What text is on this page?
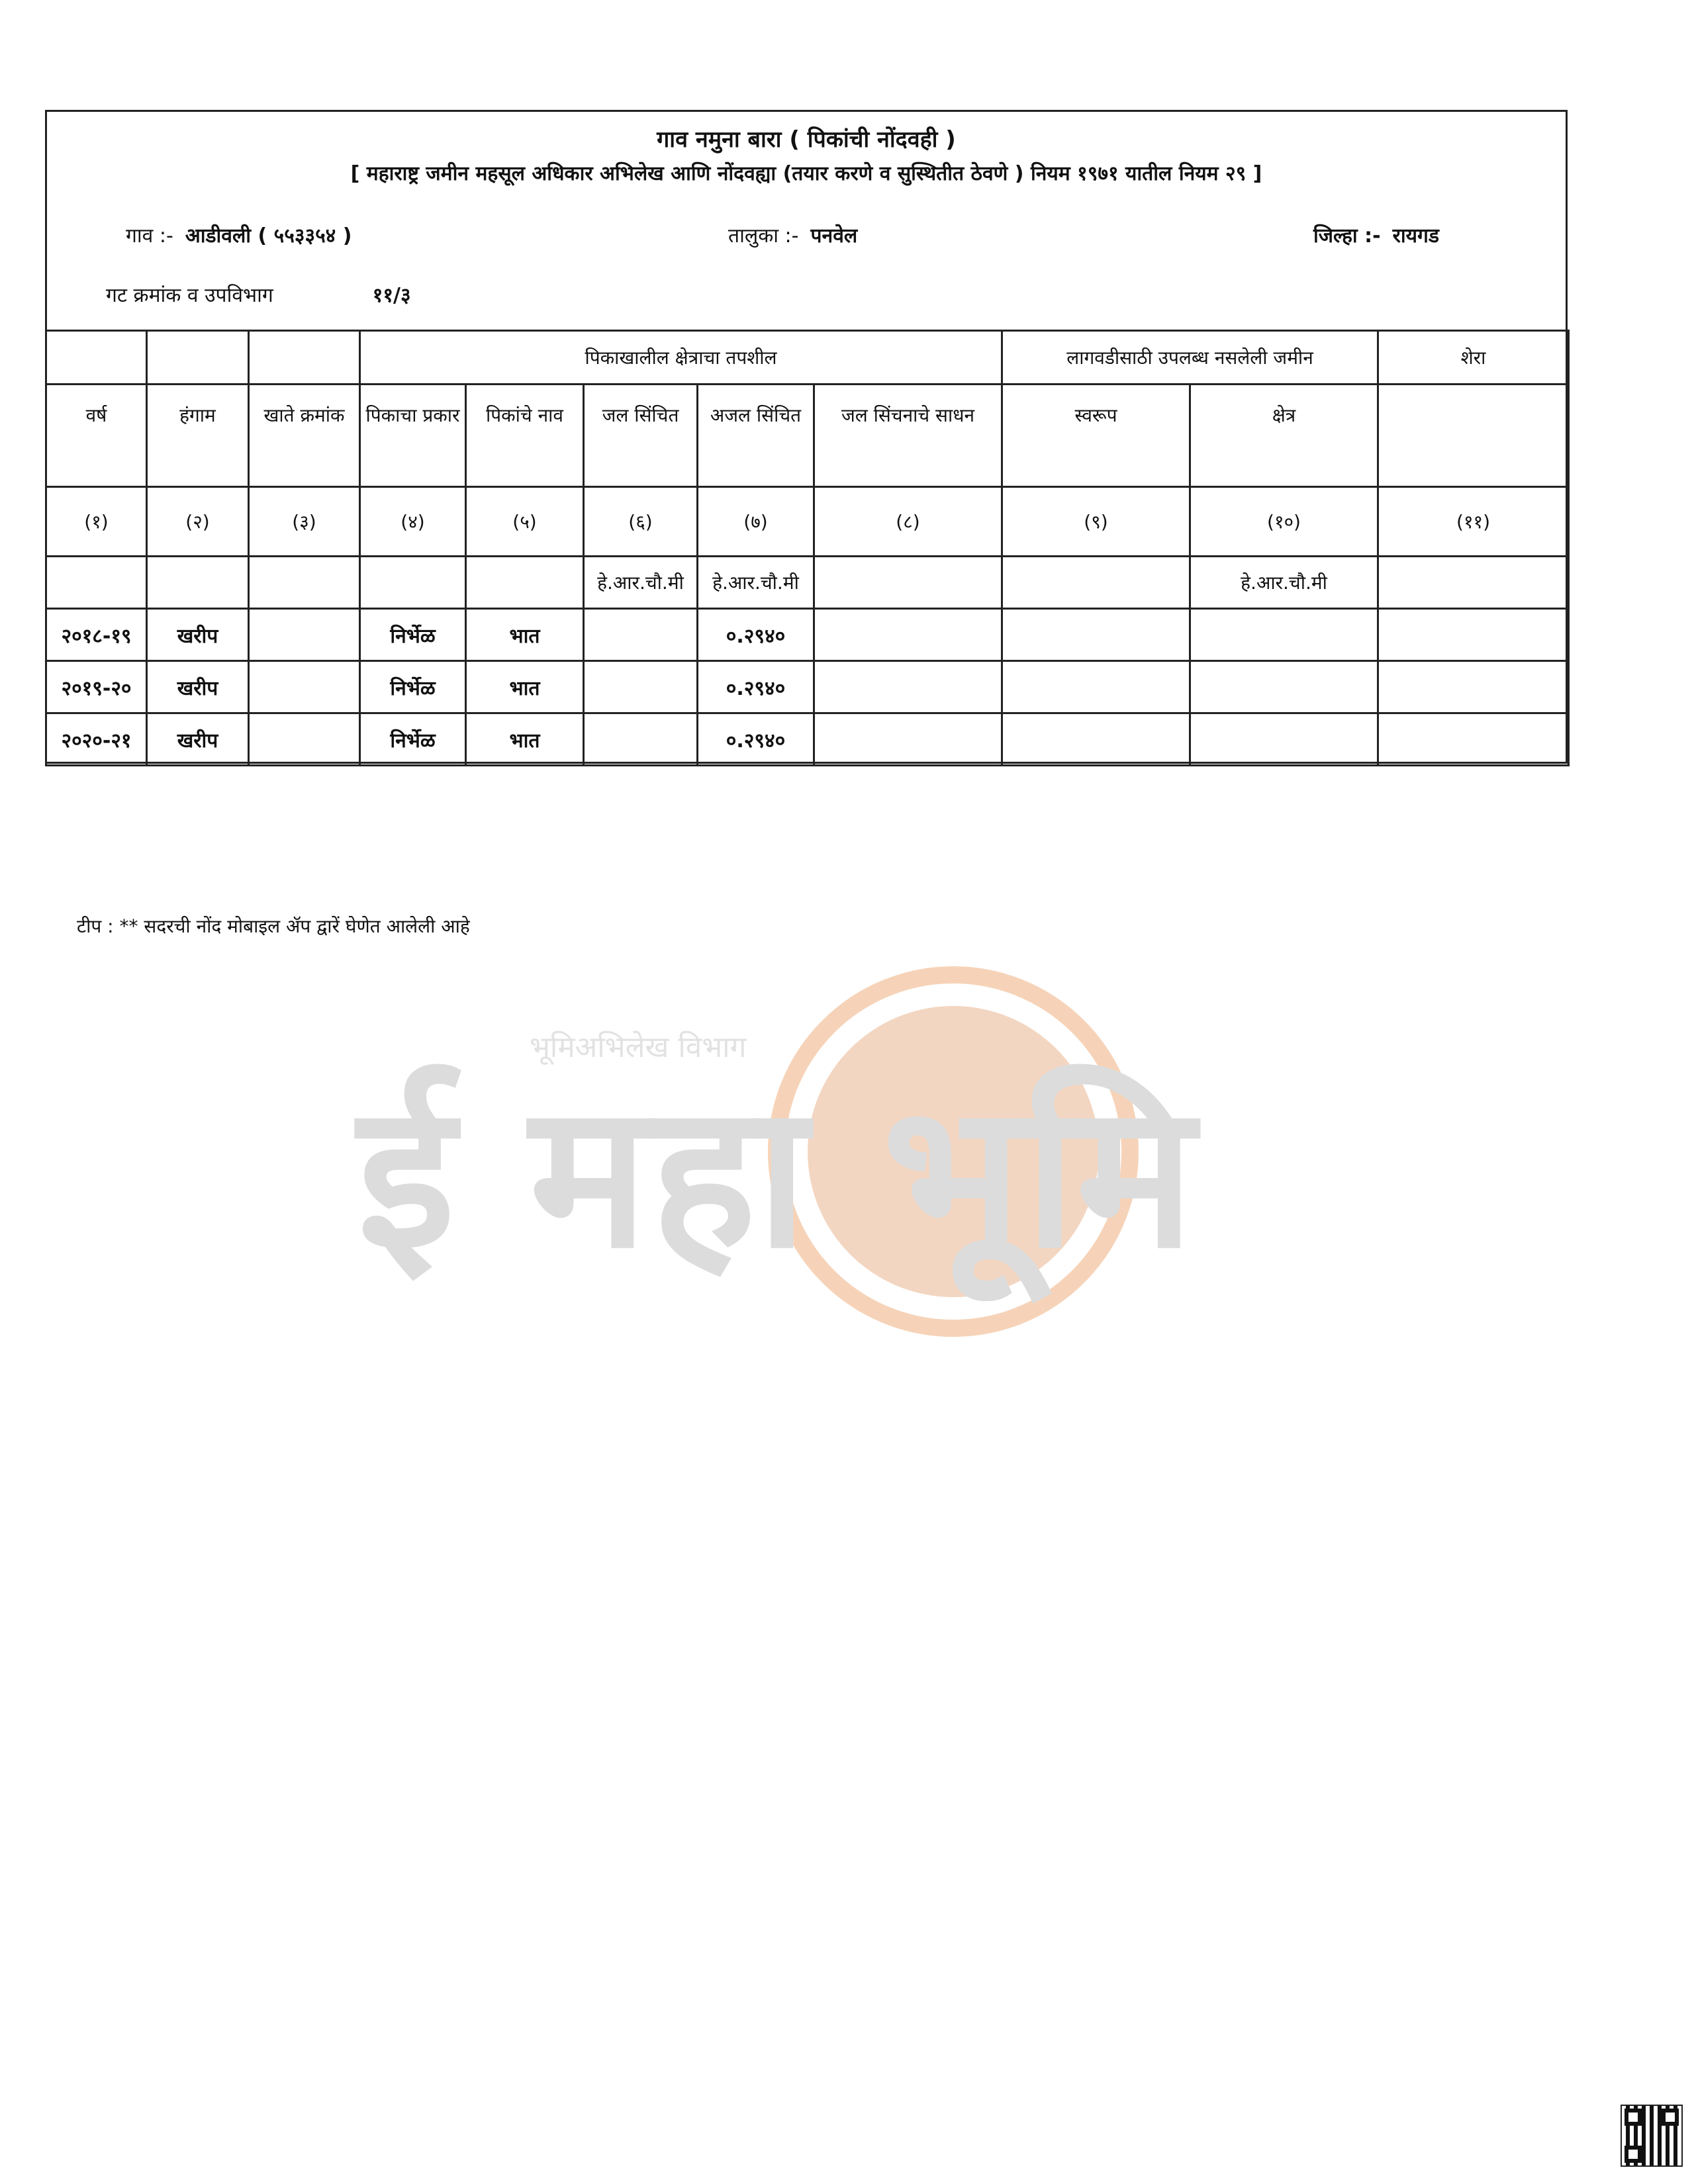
गाव नमुना बारा ( पिकांची नोंदवही )
[ महाराष्ट्र जमीन महसूल अधिकार अभिलेख आणि नोंदवह्या (तयार करणे व सुस्थितीत ठेवणे ) नियम १९७१ यातील नियम २९ ]
गाव :- आडीवली ( ५५३३५४ )	तालुका :- पनवेल	जिल्हा :- रायगड
गट क्रमांक व उपविभाग	११/३
			पिकाखालील क्षेत्राचा तपशील					लागवडीसाठी उपलब्ध नसलेली जमीन		शेरा
वर्ष	हंगाम	खाते क्रमांक	पिकाचा प्रकार	पिकांचे नाव	जल सिंचित	अजल सिंचित	जल सिंचनाचे साधन	स्वरूप	क्षेत्र	
(१)	(२)	(३)	(४)	(५)	(६)	(७)	(८)	(९)	(१०)	(११)
					हे.आर.चौ.मी	हे.आर.चौ.मी			हे.आर.चौ.मी	
२०१८-१९	खरीप		निर्भेळ	भात		०.२९४०				
२०१९-२०	खरीप		निर्भेळ	भात		०.२९४०				
२०२०-२१	खरीप		निर्भेळ	भात		०.२९४०				
टीप : ** सदरची नोंद मोबाइल ॲप द्वारें घेणेत आलेली आहे
भूमिअभिलेख विभाग
ई महा भूमि
